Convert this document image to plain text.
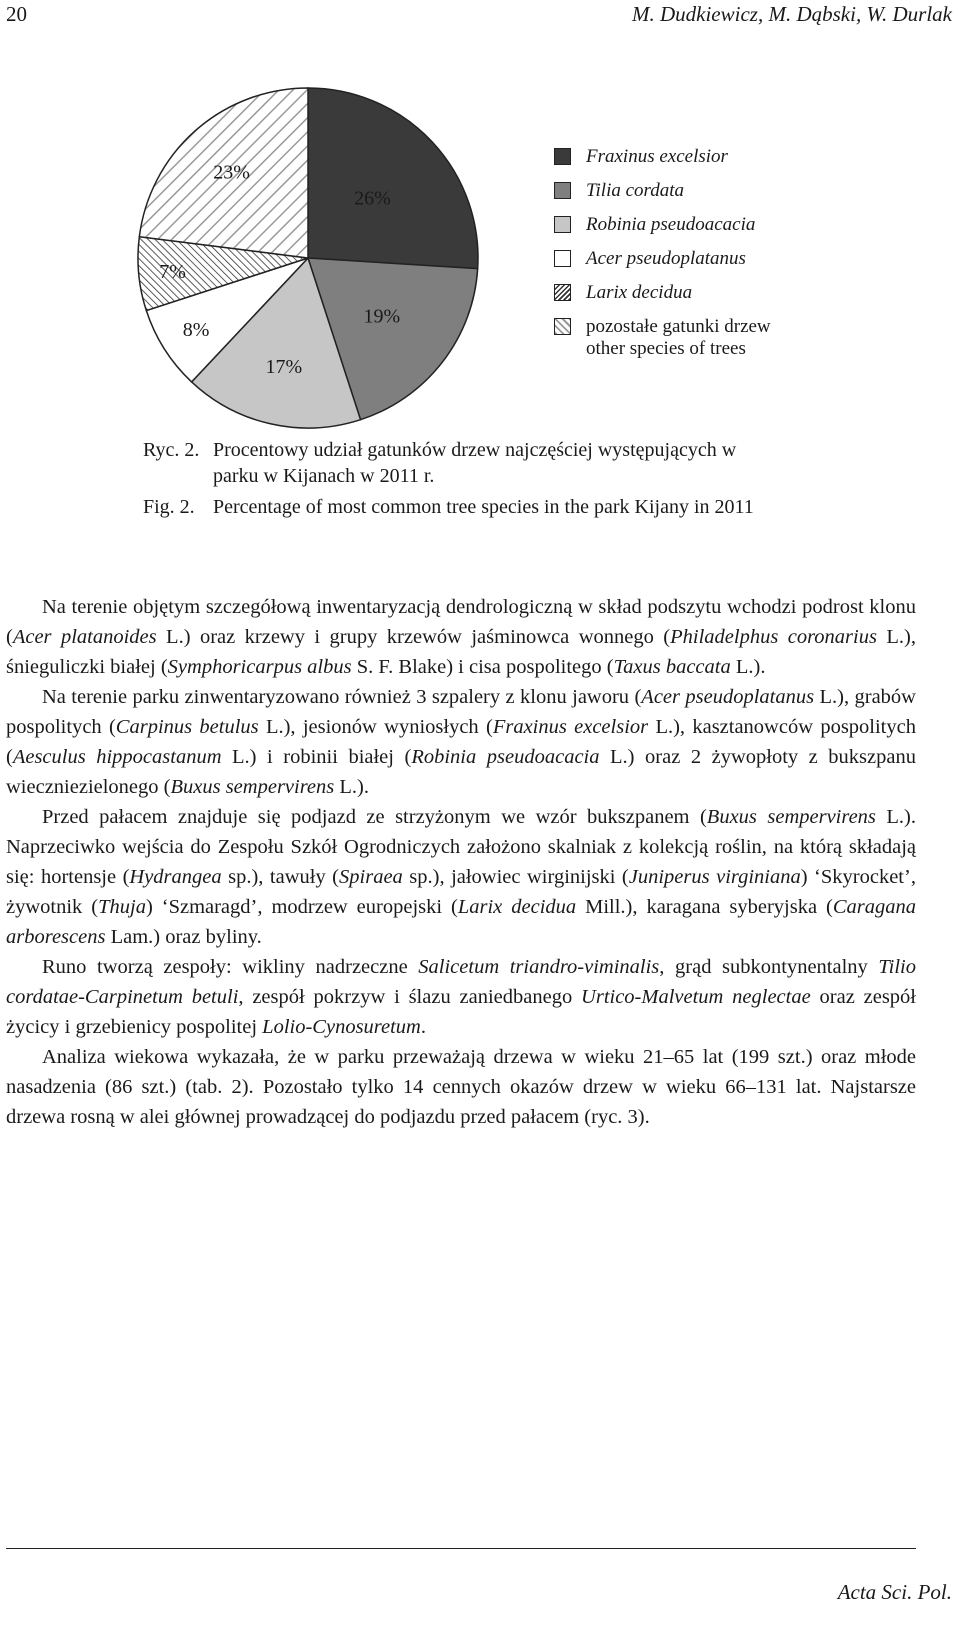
20	M. Dudkiewicz, M. Dąbski, W. Durlak
26%
19%
17%
8%
7%
23%
Fraxinus excelsior
Tilia cordata
Robinia pseudoacacia
Acer pseudoplatanus
Larix decidua
pozostałe gatunki drzew
other species of trees
Ryc. 2. Procentowy udział gatunków drzew najczęściej występujących w parku w Kijanach w 2011 r.
Fig. 2. Percentage of most common tree species in the park Kijany in 2011

Na terenie objętym szczegółową inwentaryzacją dendrologiczną w skład podszytu wchodzi podrost klonu (Acer platanoides L.) oraz krzewy i grupy krzewów jaśminowca wonnego (Philadelphus coronarius L.), śnieguliczki białej (Symphoricarpus albus S. F. Blake) i cisa pospolitego (Taxus baccata L.).

Na terenie parku zinwentaryzowano również 3 szpalery z klonu jaworu (Acer pseudoplatanus L.), grabów pospolitych (Carpinus betulus L.), jesionów wyniosłych (Fraxinus excelsior L.), kasztanowców pospolitych (Aesculus hippocastanum L.) i robinii białej (Robinia pseudoacacia L.) oraz 2 żywopłoty z bukszpanu wieczniezielonego (Buxus sempervirens L.).

Przed pałacem znajduje się podjazd ze strzyżonym we wzór bukszpanem (Buxus sempervirens L.). Naprzeciwko wejścia do Zespołu Szkół Ogrodniczych założono skalniak z kolekcją roślin, na którą składają się: hortensje (Hydrangea sp.), tawuły (Spiraea sp.), jałowiec wirginijski (Juniperus virginiana) ‘Skyrocket’, żywotnik (Thuja) ‘Szmaragd’, modrzew europejski (Larix decidua Mill.), karagana syberyjska (Caragana arborescens Lam.) oraz byliny.

Runo tworzą zespoły: wikliny nadrzeczne Salicetum triandro-viminalis, grąd subkontynentalny Tilio cordatae-Carpinetum betuli, zespół pokrzyw i ślazu zaniedbanego Urtico-Malvetum neglectae oraz zespół życicy i grzebienicy pospolitej Lolio-Cynosuretum.

Analiza wiekowa wykazała, że w parku przeważają drzewa w wieku 21–65 lat (199 szt.) oraz młode nasadzenia (86 szt.) (tab. 2). Pozostało tylko 14 cennych okazów drzew w wieku 66–131 lat. Najstarsze drzewa rosną w alei głównej prowadzącej do podjazdu przed pałacem (ryc. 3).

Acta Sci. Pol.
